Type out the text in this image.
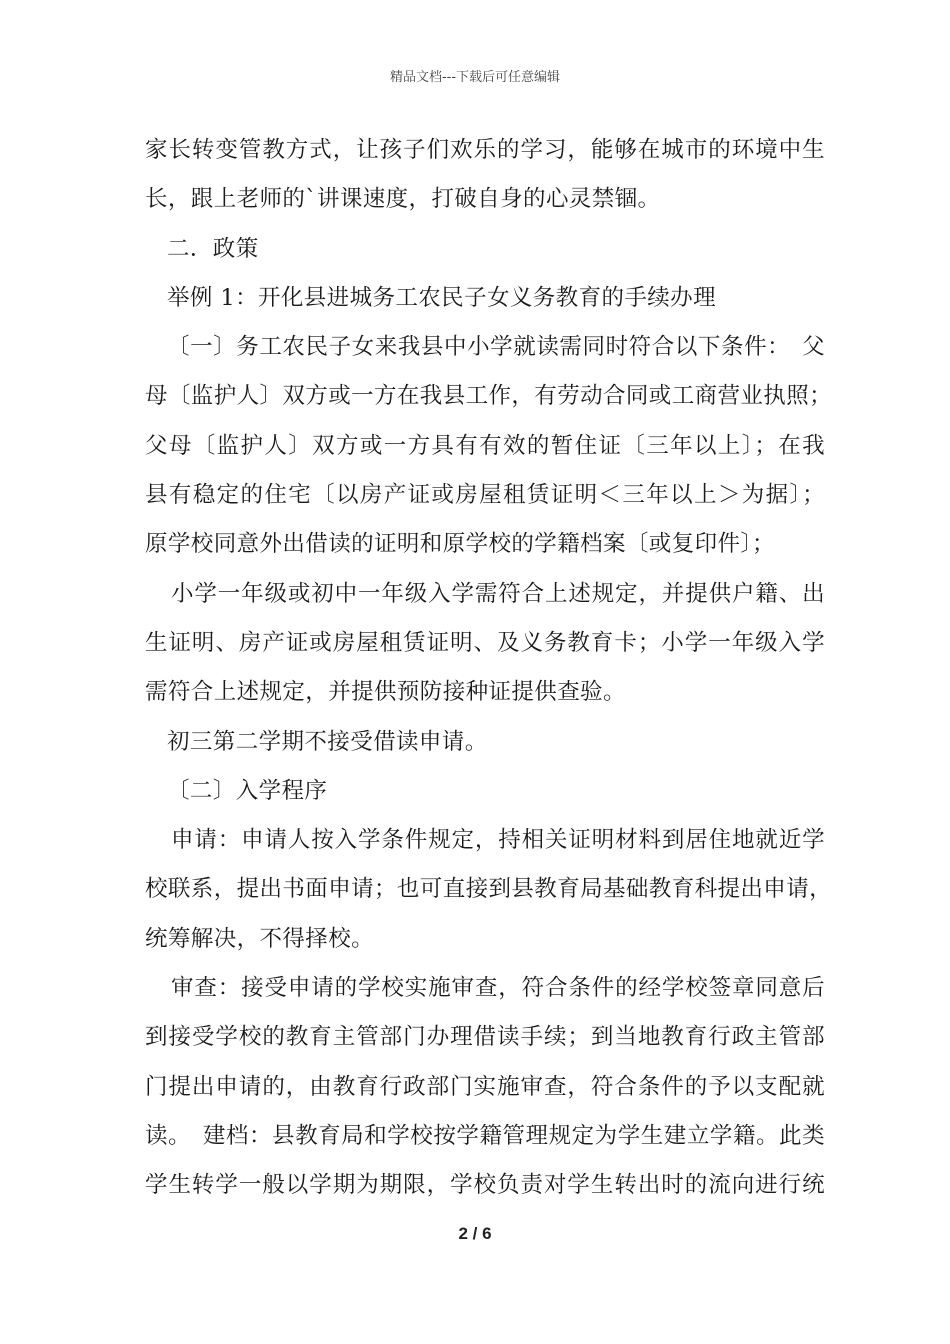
精品文档---下载后可任意编辑
家长转变管教方式，让孩子们欢乐的学习，能够在城市的环境中生
长，跟上老师的`讲课速度，打破自身的心灵禁锢。
二．政策
举例 1：开化县进城务工农民子女义务教育的手续办理
〔一〕务工农民子女来我县中小学就读需同时符合以下条件：　父
母〔监护人〕双方或一方在我县工作，有劳动合同或工商营业执照；
父母〔监护人〕双方或一方具有有效的暂住证〔三年以上〕；在我
县有稳定的住宅〔以房产证或房屋租赁证明＜三年以上＞为据〕；
原学校同意外出借读的证明和原学校的学籍档案〔或复印件〕；
小学一年级或初中一年级入学需符合上述规定，并提供户籍、出
生证明、房产证或房屋租赁证明、及义务教育卡；小学一年级入学
需符合上述规定，并提供预防接种证提供查验。
初三第二学期不接受借读申请。
〔二〕入学程序
申请：申请人按入学条件规定，持相关证明材料到居住地就近学
校联系，提出书面申请；也可直接到县教育局基础教育科提出申请，
统筹解决，不得择校。
审查：接受申请的学校实施审查，符合条件的经学校签章同意后
到接受学校的教育主管部门办理借读手续；到当地教育行政主管部
门提出申请的，由教育行政部门实施审查，符合条件的予以支配就
读。　建档：县教育局和学校按学籍管理规定为学生建立学籍。此类
学生转学一般以学期为期限，学校负责对学生转出时的流向进行统
2 / 6
